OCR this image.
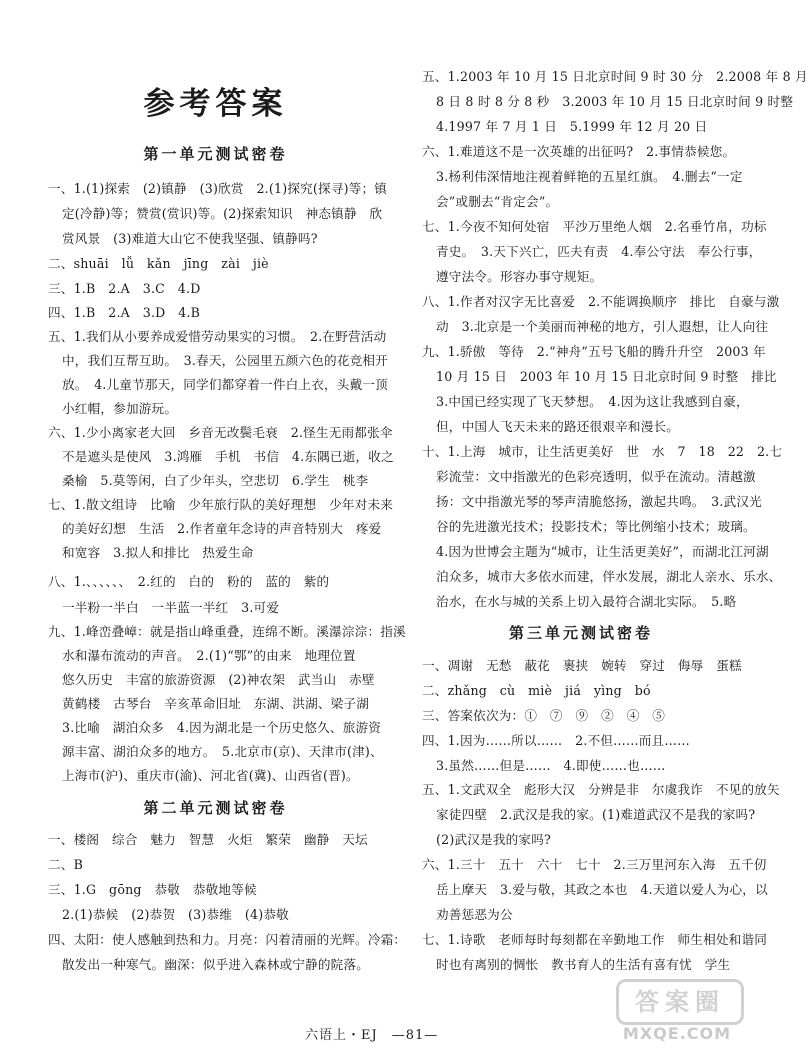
参考答案
第一单元测试密卷
一、1.(1)探索　(2)镇静　(3)欣赏　2.(1)探究(探寻)等；镇
定(冷静)等；赞赏(赏识)等。(2)探索知识　神态镇静　欣
赏风景　(3)难道大山它不使我坚强、镇静吗?
二、shuāi　lǚ　kǎn　jīng　zài　jiè
三、1.B　2.A　3.C　4.D
四、1.B　2.A　3.D　4.B
五、1.我们从小要养成爱惜劳动果实的习惯。　2.在野营活动
中，我们互帮互助。　3.春天，公园里五颜六色的花竞相开
放。　4.儿童节那天，同学们都穿着一件白上衣，头戴一顶
小红帽，参加游玩。
六、1.少小离家老大回　乡音无改鬓毛衰　2.怪生无雨都张伞
不是遮头是使风　3.鸿雁　手机　书信　4.东隅已逝，收之
桑榆　5.莫等闲，白了少年头，空悲切　6.学生　桃李
七、1.散文组诗　比喻　少年旅行队的美好理想　少年对未来
的美好幻想　生活　2.作者童年念诗的声音特别大　疼爱
和宽容　3.拟人和排比　热爱生命
八、1.、、、、、、　2.红的　白的　粉的　蓝的　紫的
一半粉一半白　一半蓝一半红　3.可爱
九、1.峰峦叠嶂：就是指山峰重叠，连绵不断。溪瀑淙淙：指溪
水和瀑布流动的声音。　2.(1)“鄂”的由来　地理位置
悠久历史　丰富的旅游资源　(2)神农架　武当山　赤壁
黄鹤楼　古琴台　辛亥革命旧址　东湖、洪湖、梁子湖
3.比喻　湖泊众多　4.因为湖北是一个历史悠久、旅游资
源丰富、湖泊众多的地方。　5.北京市(京)、天津市(津)、
上海市(沪)、重庆市(渝)、河北省(冀)、山西省(晋)。
第二单元测试密卷
一、楼阁　综合　魅力　智慧　火炬　繁荣　幽静　天坛
二、B
三、1.G　gōng　恭敬　恭敬地等候
2.(1)恭候　(2)恭贺　(3)恭维　(4)恭敬
四、太阳：使人感触到热和力。月亮：闪着清丽的光辉。冷霜：
散发出一种寒气。幽深：似乎进入森林或宁静的院落。
五、1.2003 年 10 月 15 日北京时间 9 时 30 分　2.2008 年 8 月
8 日 8 时 8 分 8 秒　3.2003 年 10 月 15 日北京时间 9 时整
4.1997 年 7 月 1 日　5.1999 年 12 月 20 日
六、1.难道这不是一次英雄的出征吗?　2.事情恭候您。
3.杨利伟深情地注视着鲜艳的五星红旗。　4.删去“一定
会”或删去“肯定会”。
七、1.今夜不知何处宿　平沙万里绝人烟　2.名垂竹帛，功标
青史。　3.天下兴亡，匹夫有责　4.奉公守法　奉公行事，
遵守法令。形容办事守规矩。
八、1.作者对汉字无比喜爱　2.不能调换顺序　排比　自豪与激
动　3.北京是一个美丽而神秘的地方，引人遐想，让人向往
九、1.骄傲　等待　2.“神舟”五号飞船的腾升升空　2003 年
10 月 15 日　2003 年 10 月 15 日北京时间 9 时整　排比
3.中国已经实现了飞天梦想。　4.因为这让我感到自豪，
但，中国人飞天未来的路还很艰辛和漫长。
十、1.上海　城市，让生活更美好　世　水　7　18　22　2.七
彩流莹：文中指激光的色彩亮透明，似乎在流动。清越激
扬：文中指激光琴的琴声清脆悠扬，激起共鸣。　3.武汉光
谷的先进激光技术；投影技术；等比例缩小技术；玻璃。
4.因为世博会主题为“城市，让生活更美好”，而湖北江河湖
泊众多，城市大多依水而建，伴水发展，湖北人亲水、乐水、
治水，在水与城的关系上切入最符合湖北实际。　5.略
第三单元测试密卷
一、凋谢　无愁　蔽花　裹挟　婉转　穿过　侮辱　蛋糕
二、zhǎng　cù　miè　jiá　yìng　bó
三、答案依次为：①　⑦　⑨　②　④　⑤
四、1.因为……所以……　2.不但……而且……
3.虽然……但是……　4.即使……也……
五、1.文武双全　彪形大汉　分辨是非　尔虞我诈　不见的放矢
家徒四壁　2.武汉是我的家。(1)难道武汉不是我的家吗?
(2)武汉是我的家吗?
六、1.三十　五十　六十　七十　2.三万里河东入海　五千仞
岳上摩天　3.爱与敬，其政之本也　4.天道以爱人为心，以
劝善惩恶为公
七、1.诗歌　老师每时每刻都在辛勤地工作　师生相处和谐同
时也有离别的惆怅　教书育人的生活有喜有忧　学生
六语上・EJ　—81—
答案圈
MXQE.COM
